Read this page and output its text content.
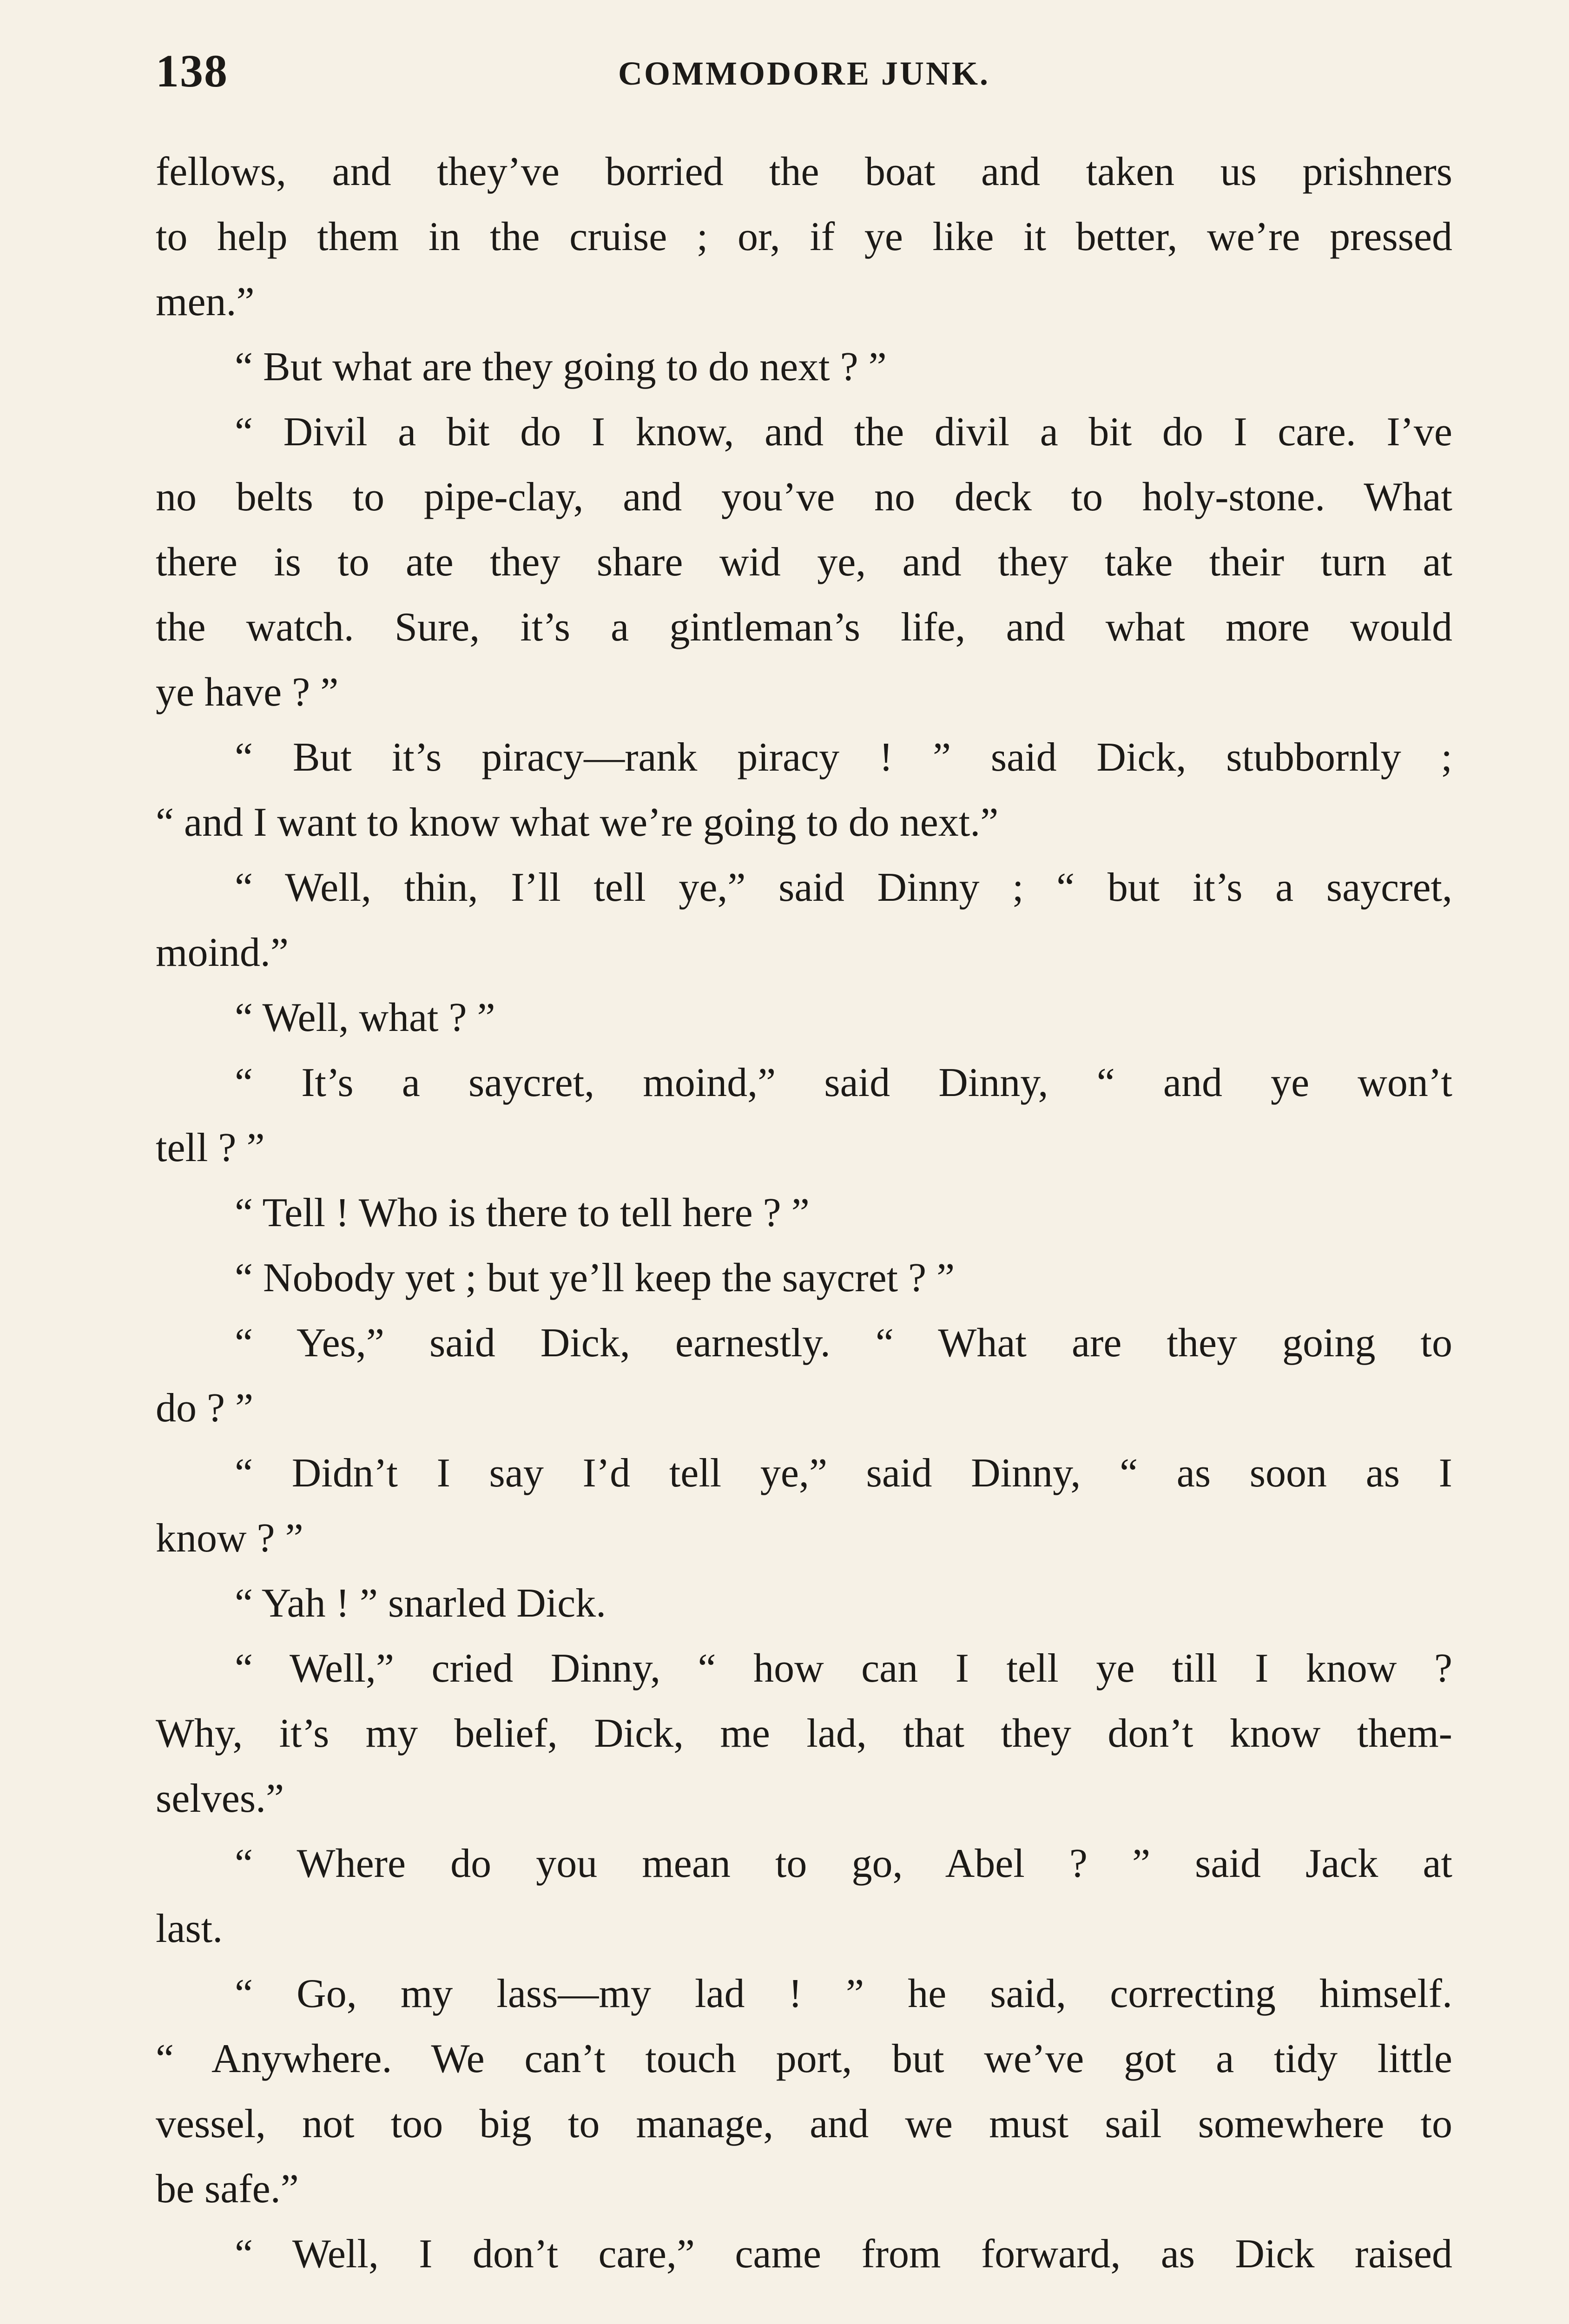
138	COMMODORE JUNK.
fellows, and they’ve borried the boat and taken us prishners
to help them in the cruise ; or, if ye like it better, we’re pressed
men.”
“ But what are they going to do next ? ”
“ Divil a bit do I know, and the divil a bit do I care. I’ve
no belts to pipe-clay, and you’ve no deck to holy-stone. What
there is to ate they share wid ye, and they take their turn at
the watch. Sure, it’s a gintleman’s life, and what more would
ye have ? ”
“ But it’s piracy—rank piracy ! ” said Dick, stubbornly ;
“ and I want to know what we’re going to do next.”
“ Well, thin, I’ll tell ye,” said Dinny ; “ but it’s a saycret,
moind.”
“ Well, what ? ”
“ It’s a saycret, moind,” said Dinny, “ and ye won’t
tell ? ”
“ Tell ! Who is there to tell here ? ”
“ Nobody yet ; but ye’ll keep the saycret ? ”
“ Yes,” said Dick, earnestly. “ What are they going to
do ? ”
“ Didn’t I say I’d tell ye,” said Dinny, “ as soon as I
know ? ”
“ Yah ! ” snarled Dick.
“ Well,” cried Dinny, “ how can I tell ye till I know ?
Why, it’s my belief, Dick, me lad, that they don’t know them-
selves.”
“ Where do you mean to go, Abel ? ” said Jack at
last.
“ Go, my lass—my lad ! ” he said, correcting himself.
“ Anywhere. We can’t touch port, but we’ve got a tidy little
vessel, not too big to manage, and we must sail somewhere to
be safe.”
“ Well, I don’t care,” came from forward, as Dick raised
